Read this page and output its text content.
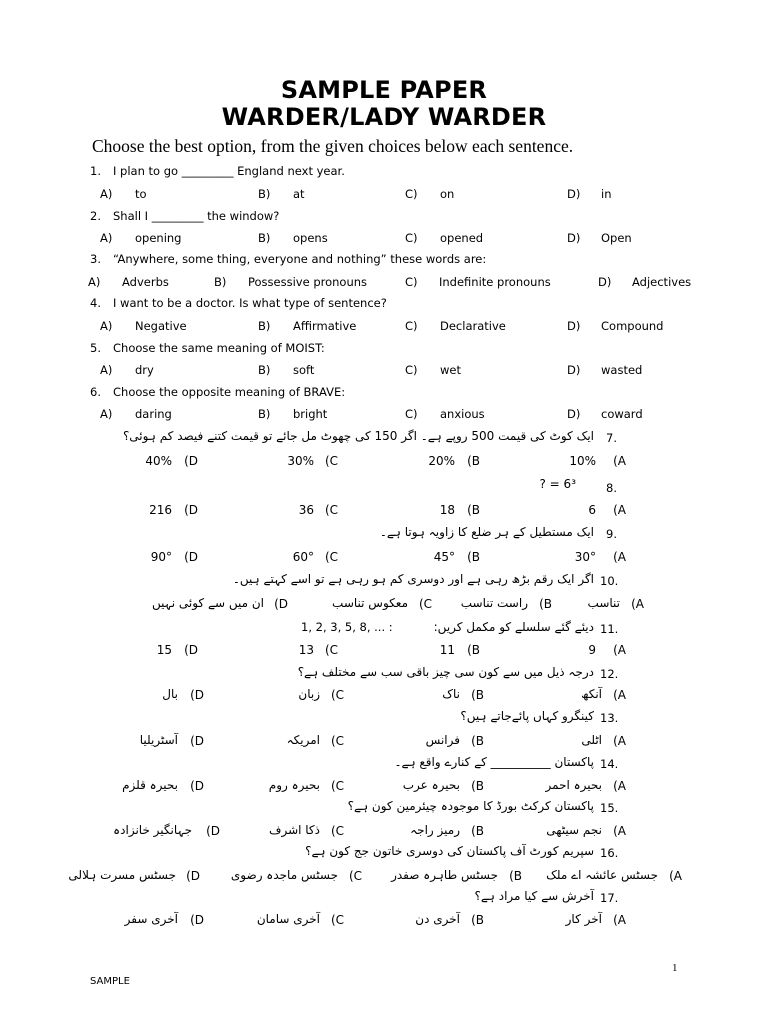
SAMPLE PAPER
WARDER/LADY WARDER
Choose the best option, from the given choices below each sentence.
1. I plan to go _________ England next year.
A) to	B) at	C) on	D) in
2. Shall I _________ the window?
A) opening	B) opens	C) opened	D) Open
3. “Anywhere, some thing, everyone and nothing” these words are:
A) Adverbs	B) Possessive pronouns	C) Indefinite pronouns	D) Adjectives
4. I want to be a doctor. Is what type of sentence?
A) Negative	B) Affirmative	C) Declarative	D) Compound
5. Choose the same meaning of MOIST:
A) dry	B) soft	C) wet	D) wasted
6. Choose the opposite meaning of BRAVE:
A) daring	B) bright	C) anxious	D) coward
7.
ایک کوٹ کی قیمت 500 روپے ہے۔ اگر 150 کی چھوٹ مل جائے تو قیمت کتنے فیصد کم ہوئی؟
(A
10%
(B
20%
(C
30%
(D
40%
8.
? = 6³
(A
6
(B
18
(C
36
(D
216
9.
ایک مستطیل کے ہر ضلع کا زاویہ ہوتا ہے۔
(A
30°
(B
45°
(C
60°
(D
90°
10.
اگر ایک رقم بڑھ رہی ہے اور دوسری کم ہو رہی ہے تو اسے کہتے ہیں۔
(A
تناسب
(B
راست تناسب
(C
معکوس تناسب
(D
ان میں سے کوئی نہیں
11.
دیئے گئے سلسلے کو مکمل کریں:
1, 2, 3, 5, 8, ... :
(A
9
(B
11
(C
13
(D
15
12.
درجہ ذیل میں سے کون سی چیز باقی سب سے مختلف ہے؟
(A
آنکھ
(B
ناک
(C
زبان
(D
بال
13.
کینگرو کہاں پائےجاتے ہیں؟
(A
اٹلی
(B
فرانس
(C
امریکہ
(D
آسٹریلیا
14.
پاکستان __________ کے کنارے واقع ہے۔
(A
بحیرہ احمر
(B
بحیرہ عرب
(C
بحیرہ روم
(D
بحیرہ قلزم
15.
پاکستان کرکٹ بورڈ کا موجودہ چیئرمین کون ہے؟
(A
نجم سیٹھی
(B
رمیز راجہ
(C
ذکا اشرف
(D
جہانگیر خانزادہ
16.
سپریم کورٹ آف پاکستان کی دوسری خاتون جج کون ہے؟
(A
جسٹس عائشہ اے ملک
(B
جسٹس طاہرہ صفدر
(C
جسٹس ماجدہ رضوی
(D
جسٹس مسرت ہلالی
17.
آخرش سے کیا مراد ہے؟
(A
آخر کار
(B
آخری دن
(C
آخری سامان
(D
آخری سفر
1
SAMPLE
